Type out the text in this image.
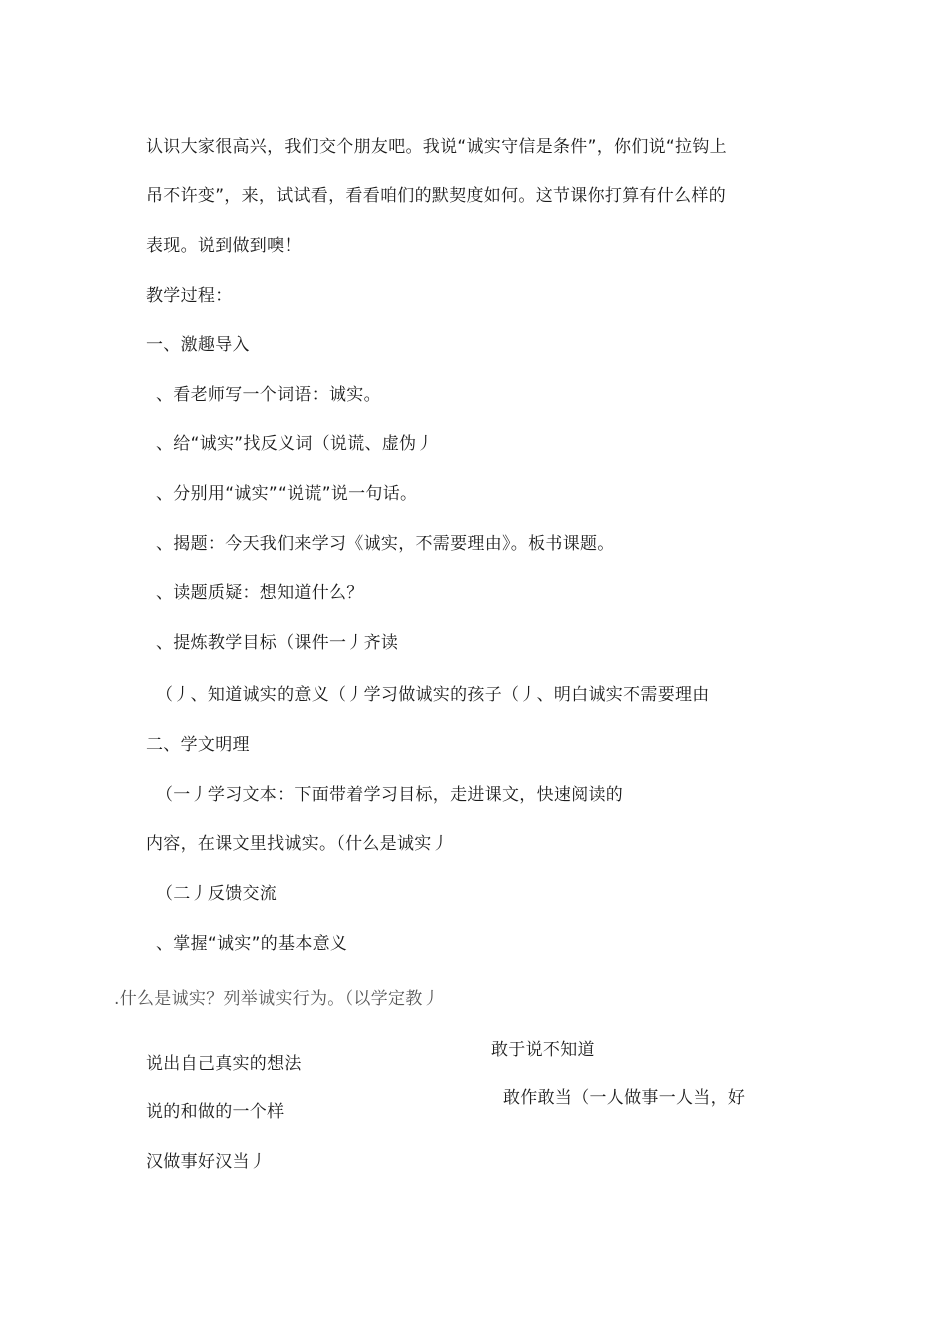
认识大家很高兴，我们交个朋友吧。我说“诚实守信是条件”，你们说“拉钩上
吊不许变”，来，试试看，看看咱们的默契度如何。这节课你打算有什么样的
表现。说到做到噢！
教学过程：
一、激趣导入
、看老师写一个词语：诚实。
、给“诚实”找反义词（说谎、虚伪丿
、分别用“诚实”“说谎”说一句话。
、揭题：今天我们来学习《诚实，不需要理由》。板书课题。
、读题质疑：想知道什么？
、提炼教学目标（课件一丿齐读
（丿、知道诚实的意义（丿学习做诚实的孩子（丿、明白诚实不需要理由
二、学文明理
（一丿学习文本：下面带着学习目标，走进课文，快速阅读的
内容，在课文里找诚实。（什么是诚实丿
（二丿反馈交流
、掌握“诚实”的基本意义
.什么是诚实？列举诚实行为。（以学定教丿
敢于说不知道
说出自己真实的想法
敢作敢当（一人做事一人当，好
说的和做的一个样
汉做事好汉当丿
